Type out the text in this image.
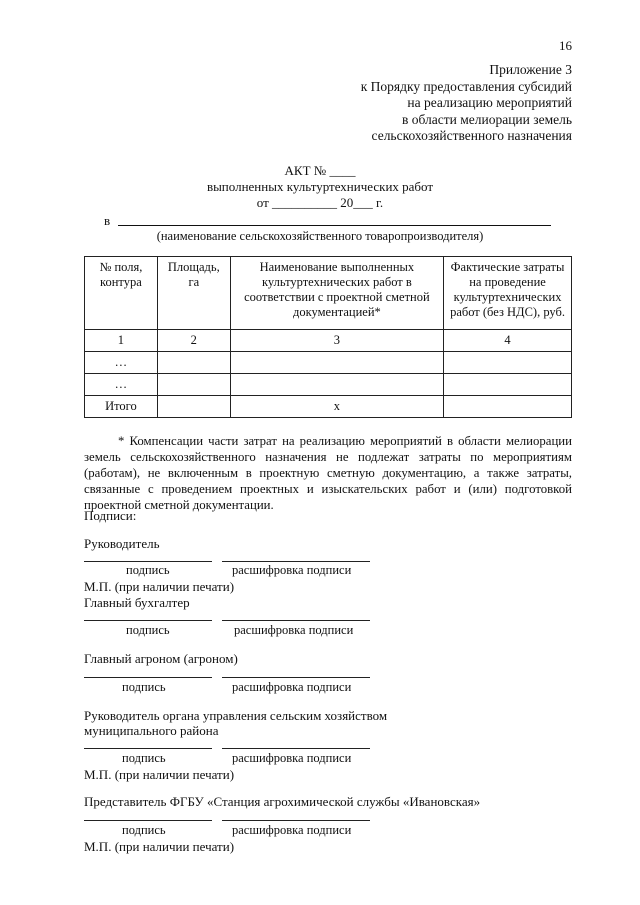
16
Приложение 3
к Порядку предоставления субсидий
на реализацию мероприятий
в области мелиорации земель
сельскохозяйственного назначения
АКТ № ____
выполненных культуртехнических работ
от __________ 20___ г.
в
(наименование сельскохозяйственного товаропроизводителя)
№ поля, контура	Площадь, га	Наименование выполненных культуртехнических работ в соответствии с проектной сметной документацией*	Фактические затраты на проведение культуртехнических работ (без НДС), руб.
1	2	3	4
…			
…			
Итого		х	
* Компенсации части затрат на реализацию мероприятий в области мелиорации земель сельскохозяйственного назначения не подлежат затраты по мероприятиям (работам), не включенным в проектную сметную документацию, а также затраты, связанные с проведением проектных и изыскательских работ и (или) подготовкой проектной сметной документации.
Подписи:
Руководитель
подпись	расшифровка подписи
М.П. (при наличии печати)
Главный бухгалтер
подпись	расшифровка подписи
Главный агроном (агроном)
подпись	расшифровка подписи
Руководитель органа управления сельским хозяйством
муниципального района
подпись	расшифровка подписи
М.П. (при наличии печати)
Представитель ФГБУ «Станция агрохимической службы «Ивановская»
подпись	расшифровка подписи
М.П. (при наличии печати)
